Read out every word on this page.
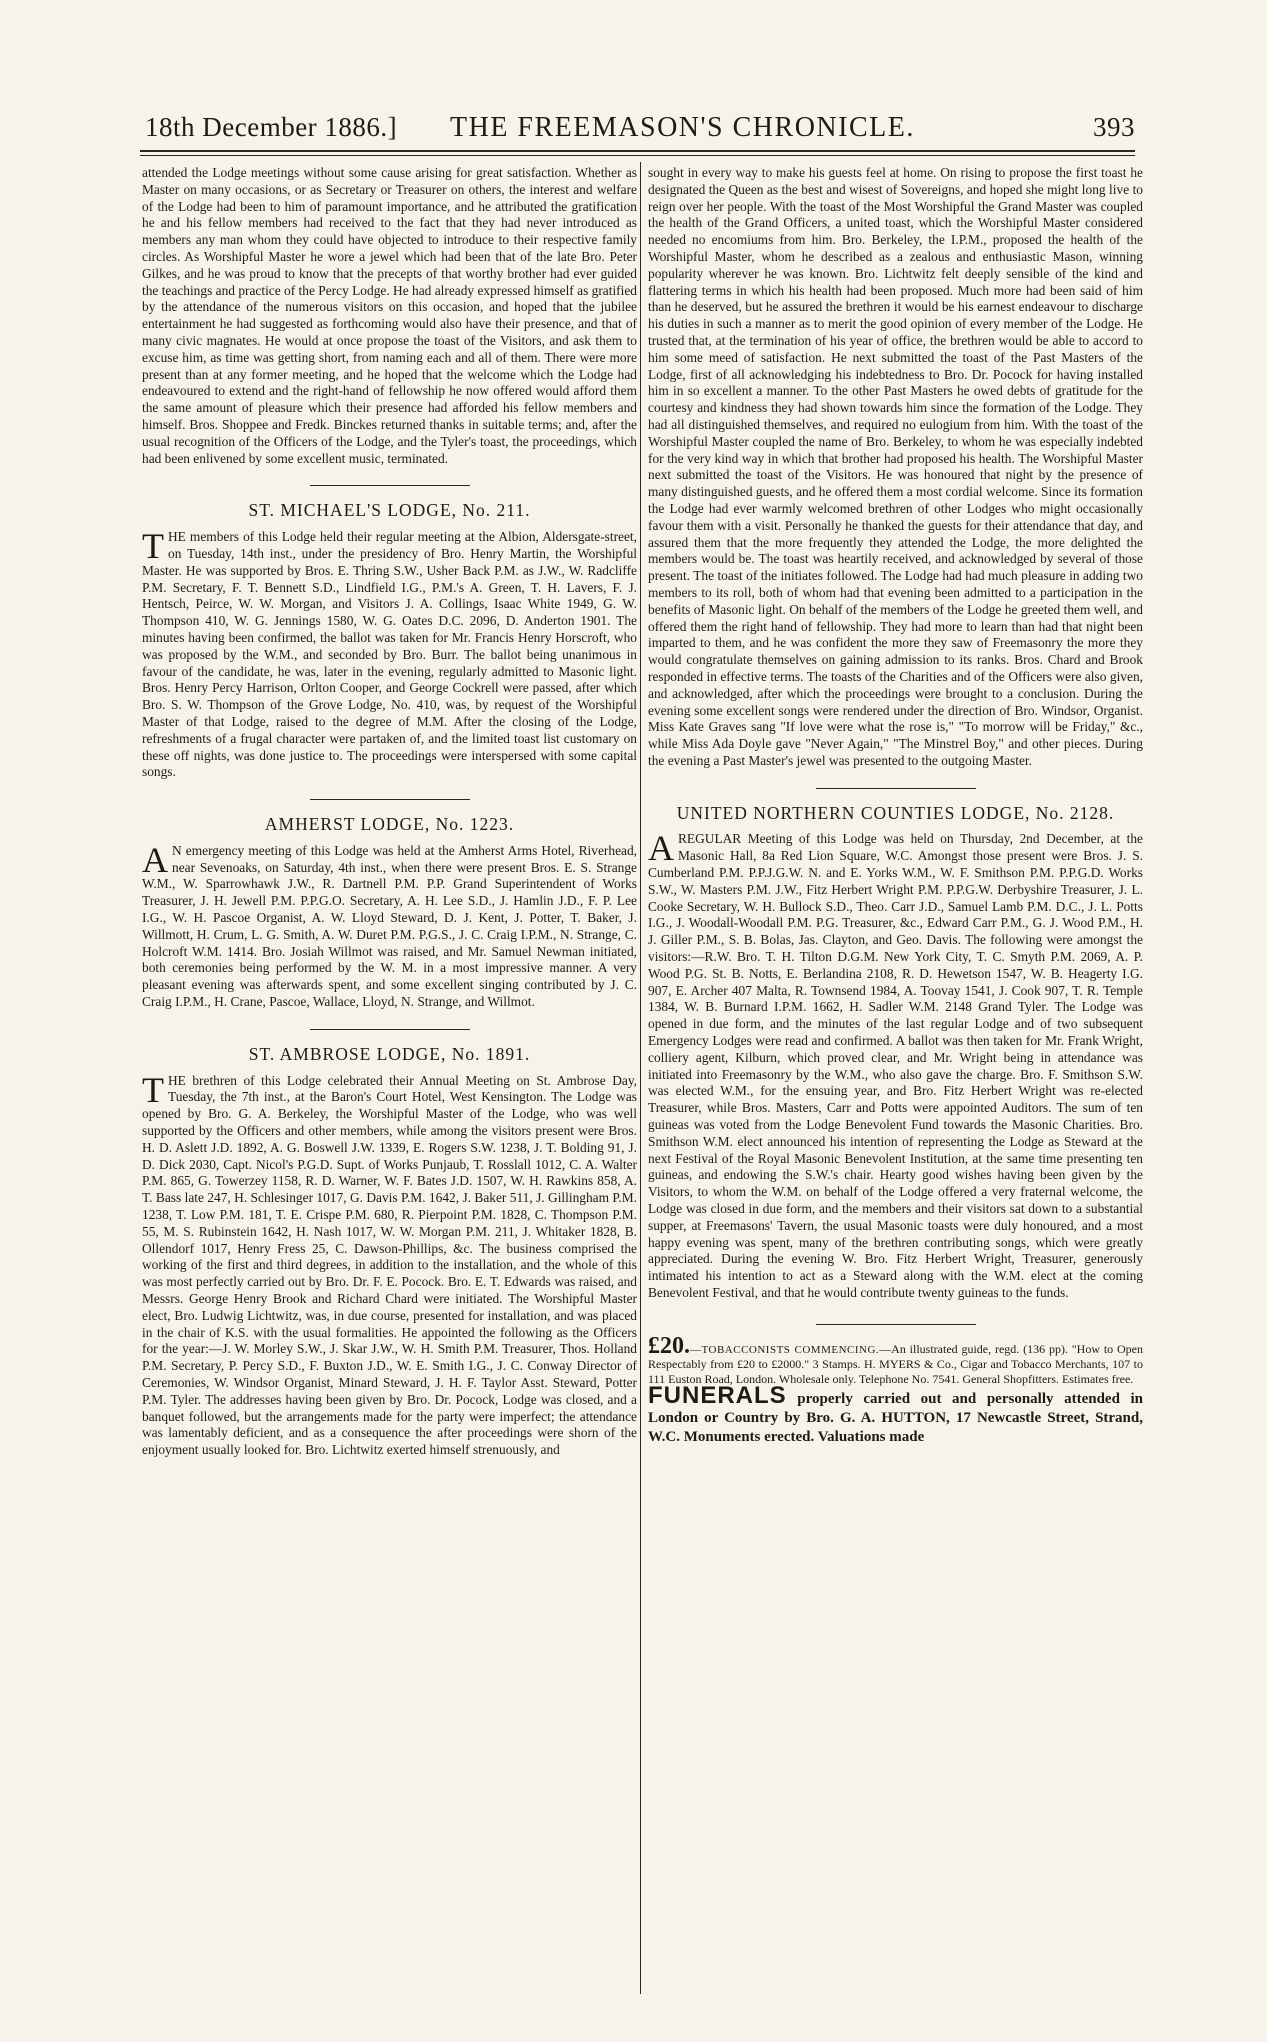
18th December 1886.] THE FREEMASON'S CHRONICLE.	393

attended the Lodge meetings without some cause arising for great satisfaction. Whether as Master on many occasions, or as Secretary or Treasurer on others, the interest and welfare of the Lodge had been to him of paramount importance, and he attributed the gratification he and his fellow members had received to the fact that they had never introduced as members any man whom they could have objected to introduce to their respective family circles. As Worshipful Master he wore a jewel which had been that of the late Bro. Peter Gilkes, and he was proud to know that the precepts of that worthy brother had ever guided the teachings and practice of the Percy Lodge. He had already expressed himself as gratified by the attendance of the numerous visitors on this occasion, and hoped that the jubilee entertainment he had suggested as forthcoming would also have their presence, and that of many civic magnates. He would at once propose the toast of the Visitors, and ask them to excuse him, as time was getting short, from naming each and all of them. There were more present than at any former meeting, and he hoped that the welcome which the Lodge had endeavoured to extend and the right-hand of fellowship he now offered would afford them the same amount of pleasure which their presence had afforded his fellow members and himself. Bros. Shoppee and Fredk. Binckes returned thanks in suitable terms; and, after the usual recognition of the Officers of the Lodge, and the Tyler's toast, the proceedings, which had been enlivened by some excellent music, terminated.

ST. MICHAEL'S LODGE, No. 211.

THE members of this Lodge held their regular meeting at the Albion, Aldersgate-street, on Tuesday, 14th inst., under the presidency of Bro. Henry Martin, the Worshipful Master. He was supported by Bros. E. Thring S.W., Usher Back P.M. as J.W., W. Radcliffe P.M. Secretary, F. T. Bennett S.D., Lindfield I.G., P.M.'s A. Green, T. H. Lavers, F. J. Hentsch, Peirce, W. W. Morgan, and Visitors J. A. Collings, Isaac White 1949, G. W. Thompson 410, W. G. Jennings 1580, W. G. Oates D.C. 2096, D. Anderton 1901. The minutes having been confirmed, the ballot was taken for Mr. Francis Henry Horscroft, who was proposed by the W.M., and seconded by Bro. Burr. The ballot being unanimous in favour of the candidate, he was, later in the evening, regularly admitted to Masonic light. Bros. Henry Percy Harrison, Orlton Cooper, and George Cockrell were passed, after which Bro. S. W. Thompson of the Grove Lodge, No. 410, was, by request of the Worshipful Master of that Lodge, raised to the degree of M.M. After the closing of the Lodge, refreshments of a frugal character were partaken of, and the limited toast list customary on these off nights, was done justice to. The proceedings were interspersed with some capital songs.

AMHERST LODGE, No. 1223.

A N emergency meeting of this Lodge was held at the Amherst Arms Hotel, Riverhead, near Sevenoaks, on Saturday, 4th inst., when there were present Bros. E. S. Strange W.M., W. Sparrowhawk J.W., R. Dartnell P.M. P.P. Grand Superintendent of Works Treasurer, J. H. Jewell P.M. P.P.G.O. Secretary, A. H. Lee S.D., J. Hamlin J.D., F. P. Lee I.G., W. H. Pascoe Organist, A. W. Lloyd Steward, D. J. Kent, J. Potter, T. Baker, J. Willmott, H. Crum, L. G. Smith, A. W. Duret P.M. P.G.S., J. C. Craig I.P.M., N. Strange, C. Holcroft W.M. 1414. Bro. Josiah Willmot was raised, and Mr. Samuel Newman initiated, both ceremonies being performed by the W. M. in a most impressive manner. A very pleasant evening was afterwards spent, and some excellent singing contributed by J. C. Craig I.P.M., H. Crane, Pascoe, Wallace, Lloyd, N. Strange, and Willmot.

ST. AMBROSE LODGE, No. 1891.

THE brethren of this Lodge celebrated their Annual Meeting on St. Ambrose Day, Tuesday, the 7th inst., at the Baron's Court Hotel, West Kensington. The Lodge was opened by Bro. G. A. Berkeley, the Worshipful Master of the Lodge, who was well supported by the Officers and other members, while among the visitors present were Bros. H. D. Aslett J.D. 1892, A. G. Boswell J.W. 1339, E. Rogers S.W. 1238, J. T. Bolding 91, J. D. Dick 2030, Capt. Nicol's P.G.D. Supt. of Works Punjaub, T. Rosslall 1012, C. A. Walter P.M. 865, G. Towerzey 1158, R. D. Warner, W. F. Bates J.D. 1507, W. H. Rawkins 858, A. T. Bass late 247, H. Schlesinger 1017, G. Davis P.M. 1642, J. Baker 511, J. Gillingham P.M. 1238, T. Low P.M. 181, T. E. Crispe P.M. 680, R. Pierpoint P.M. 1828, C. Thompson P.M. 55, M. S. Rubinstein 1642, H. Nash 1017, W. W. Morgan P.M. 211, J. Whitaker 1828, B. Ollendorf 1017, Henry Fress 25, C. Dawson-Phillips, &c. The business comprised the working of the first and third degrees, in addition to the installation, and the whole of this was most perfectly carried out by Bro. Dr. F. E. Pocock. Bro. E. T. Edwards was raised, and Messrs. George Henry Brook and Richard Chard were initiated. The Worshipful Master elect, Bro. Ludwig Lichtwitz, was, in due course, presented for installation, and was placed in the chair of K.S. with the usual formalities. He appointed the following as the Officers for the year:—J. W. Morley S.W., J. Skar J.W., W. H. Smith P.M. Treasurer, Thos. Holland P.M. Secretary, P. Percy S.D., F. Buxton J.D., W. E. Smith I.G., J. C. Conway Director of Ceremonies, W. Windsor Organist, Minard Steward, J. H. F. Taylor Asst. Steward, Potter P.M. Tyler. The addresses having been given by Bro. Dr. Pocock, Lodge was closed, and a banquet followed, but the arrangements made for the party were imperfect; the attendance was lamentably deficient, and as a consequence the after proceedings were shorn of the enjoyment usually looked for. Bro. Lichtwitz exerted himself strenuously, and

sought in every way to make his guests feel at home. On rising to propose the first toast he designated the Queen as the best and wisest of Sovereigns, and hoped she might long live to reign over her people. With the toast of the Most Worshipful the Grand Master was coupled the health of the Grand Officers, a united toast, which the Worshipful Master considered needed no encomiums from him. Bro. Berkeley, the I.P.M., proposed the health of the Worshipful Master, whom he described as a zealous and enthusiastic Mason, winning popularity wherever he was known. Bro. Lichtwitz felt deeply sensible of the kind and flattering terms in which his health had been proposed. Much more had been said of him than he deserved, but he assured the brethren it would be his earnest endeavour to discharge his duties in such a manner as to merit the good opinion of every member of the Lodge. He trusted that, at the termination of his year of office, the brethren would be able to accord to him some meed of satisfaction. He next submitted the toast of the Past Masters of the Lodge, first of all acknowledging his indebtedness to Bro. Dr. Pocock for having installed him in so excellent a manner. To the other Past Masters he owed debts of gratitude for the courtesy and kindness they had shown towards him since the formation of the Lodge. They had all distinguished themselves, and required no eulogium from him. With the toast of the Worshipful Master coupled the name of Bro. Berkeley, to whom he was especially indebted for the very kind way in which that brother had proposed his health. The Worshipful Master next submitted the toast of the Visitors. He was honoured that night by the presence of many distinguished guests, and he offered them a most cordial welcome. Since its formation the Lodge had ever warmly welcomed brethren of other Lodges who might occasionally favour them with a visit. Personally he thanked the guests for their attendance that day, and assured them that the more frequently they attended the Lodge, the more delighted the members would be. The toast was heartily received, and acknowledged by several of those present. The toast of the initiates followed. The Lodge had had much pleasure in adding two members to its roll, both of whom had that evening been admitted to a participation in the benefits of Masonic light. On behalf of the members of the Lodge he greeted them well, and offered them the right hand of fellowship. They had more to learn than had that night been imparted to them, and he was confident the more they saw of Freemasonry the more they would congratulate themselves on gaining admission to its ranks. Bros. Chard and Brook responded in effective terms. The toasts of the Charities and of the Officers were also given, and acknowledged, after which the proceedings were brought to a conclusion. During the evening some excellent songs were rendered under the direction of Bro. Windsor, Organist. Miss Kate Graves sang "If love were what the rose is," "To morrow will be Friday," &c., while Miss Ada Doyle gave "Never Again," "The Minstrel Boy," and other pieces. During the evening a Past Master's jewel was presented to the outgoing Master.

UNITED NORTHERN COUNTIES LODGE, No. 2128.

AREGULAR Meeting of this Lodge was held on Thursday, 2nd December, at the Masonic Hall, 8a Red Lion Square, W.C. Amongst those present were Bros. J. S. Cumberland P.M. P.P.J.G.W. N. and E. Yorks W.M., W. F. Smithson P.M. P.P.G.D. Works S.W., W. Masters P.M. J.W., Fitz Herbert Wright P.M. P.P.G.W. Derbyshire Treasurer, J. L. Cooke Secretary, W. H. Bullock S.D., Theo. Carr J.D., Samuel Lamb P.M. D.C., J. L. Potts I.G., J. Woodall-Woodall P.M. P.G. Treasurer, &c., Edward Carr P.M., G. J. Wood P.M., H. J. Giller P.M., S. B. Bolas, Jas. Clayton, and Geo. Davis. The following were amongst the visitors:—R.W. Bro. T. H. Tilton D.G.M. New York City, T. C. Smyth P.M. 2069, A. P. Wood P.G. St. B. Notts, E. Berlandina 2108, R. D. Hewetson 1547, W. B. Heagerty I.G. 907, E. Archer 407 Malta, R. Townsend 1984, A. Toovay 1541, J. Cook 907, T. R. Temple 1384, W. B. Burnard I.P.M. 1662, H. Sadler W.M. 2148 Grand Tyler. The Lodge was opened in due form, and the minutes of the last regular Lodge and of two subsequent Emergency Lodges were read and confirmed. A ballot was then taken for Mr. Frank Wright, colliery agent, Kilburn, which proved clear, and Mr. Wright being in attendance was initiated into Freemasonry by the W.M., who also gave the charge. Bro. F. Smithson S.W. was elected W.M., for the ensuing year, and Bro. Fitz Herbert Wright was re-elected Treasurer, while Bros. Masters, Carr and Potts were appointed Auditors. The sum of ten guineas was voted from the Lodge Benevolent Fund towards the Masonic Charities. Bro. Smithson W.M. elect announced his intention of representing the Lodge as Steward at the next Festival of the Royal Masonic Benevolent Institution, at the same time presenting ten guineas, and endowing the S.W.'s chair. Hearty good wishes having been given by the Visitors, to whom the W.M. on behalf of the Lodge offered a very fraternal welcome, the Lodge was closed in due form, and the members and their visitors sat down to a substantial supper, at Freemasons' Tavern, the usual Masonic toasts were duly honoured, and a most happy evening was spent, many of the brethren contributing songs, which were greatly appreciated. During the evening W. Bro. Fitz Herbert Wright, Treasurer, generously intimated his intention to act as a Steward along with the W.M. elect at the coming Benevolent Festival, and that he would contribute twenty guineas to the funds.

£20.—TOBACCONISTS COMMENCING.—An illustrated guide, regd. (136 pp). "How to Open Respectably from £20 to £2000." 3 Stamps. H. MYERS & Co., Cigar and Tobacco Merchants, 107 to 111 Euston Road, London. Wholesale only. Telephone No. 7541. General Shopfitters. Estimates free.

FUNERALS properly carried out and personally attended in London or Country by Bro. G. A. HUTTON, 17 Newcastle Street, Strand, W.C. Monuments erected. Valuations made
